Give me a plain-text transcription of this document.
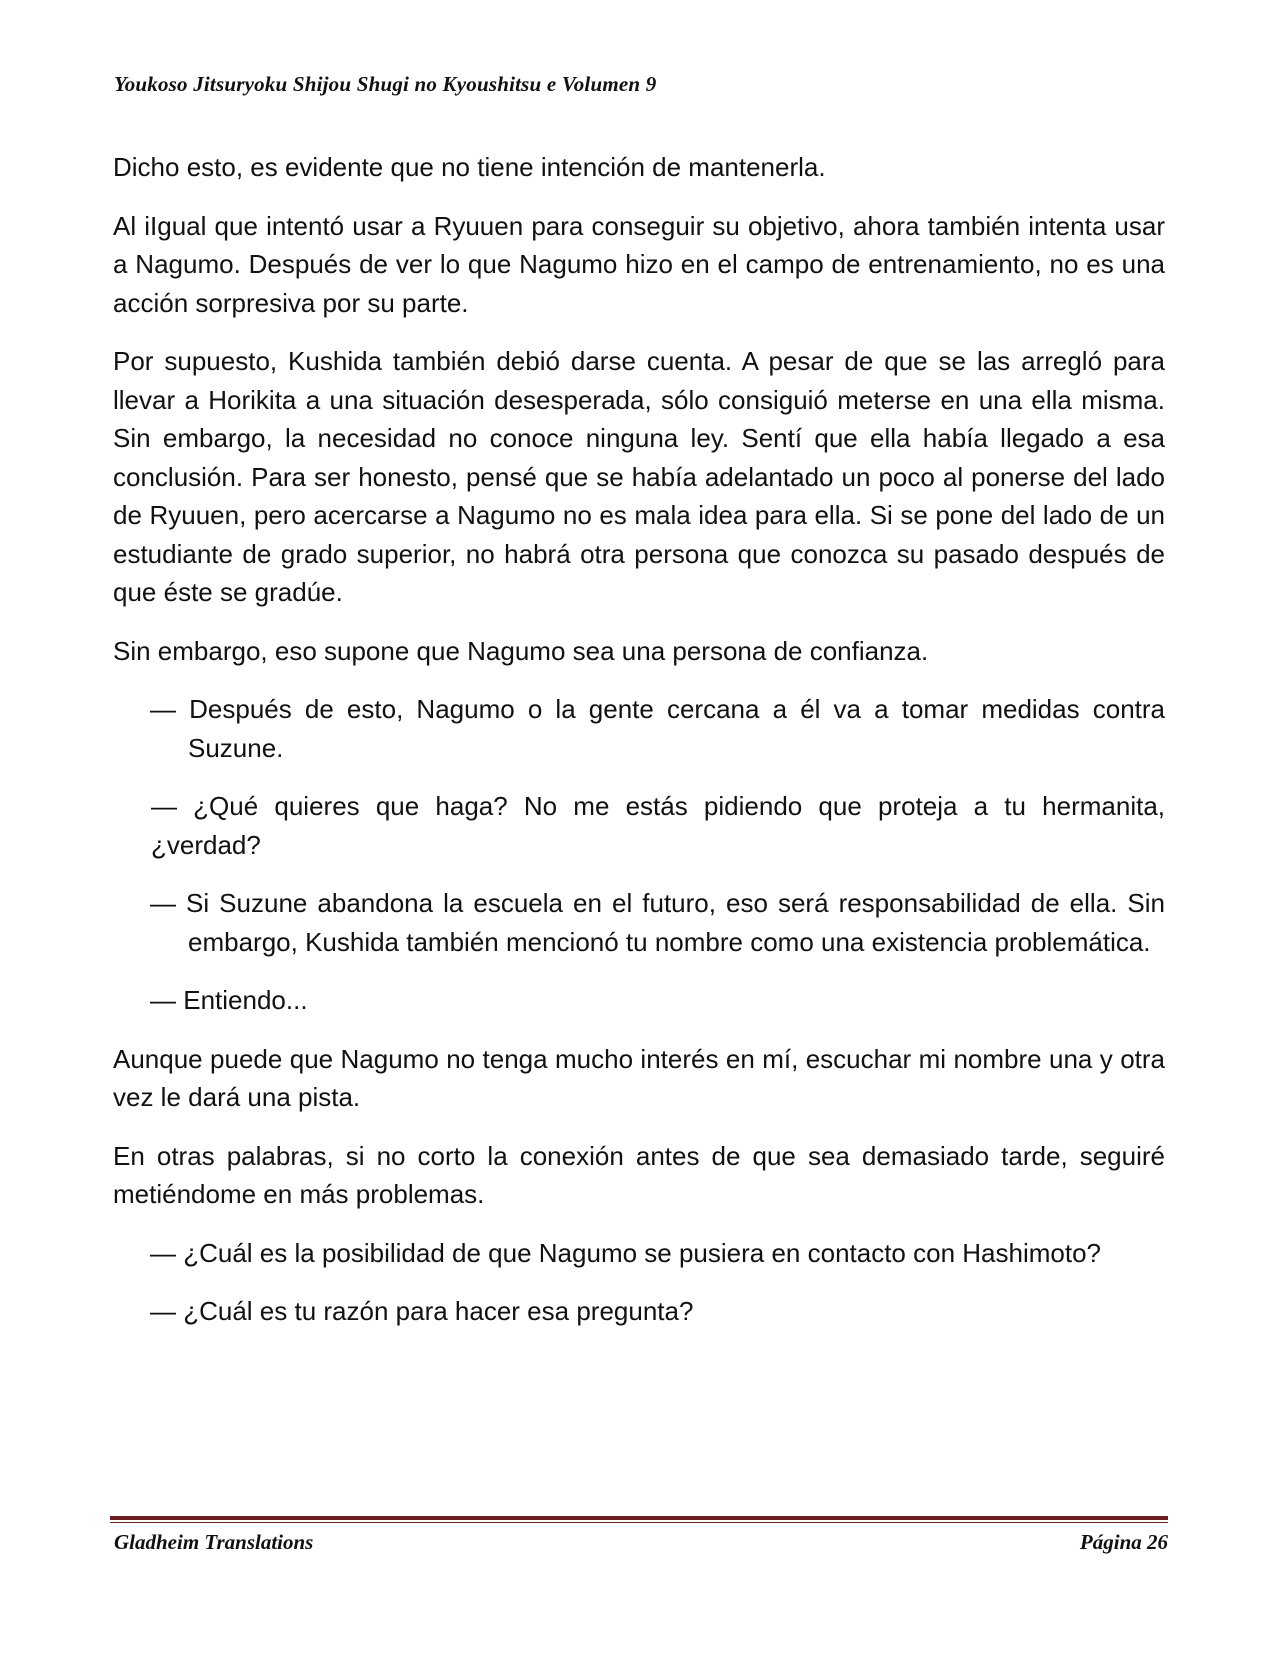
Youkoso Jitsuryoku Shijou Shugi no Kyoushitsu e Volumen 9

Dicho esto, es evidente que no tiene intención de mantenerla.

Al iIgual que intentó usar a Ryuuen para conseguir su objetivo, ahora también intenta usar a Nagumo. Después de ver lo que Nagumo hizo en el campo de entrenamiento, no es una acción sorpresiva por su parte.

Por supuesto, Kushida también debió darse cuenta. A pesar de que se las arregló para llevar a Horikita a una situación desesperada, sólo consiguió meterse en una ella misma. Sin embargo, la necesidad no conoce ninguna ley. Sentí que ella había llegado a esa conclusión. Para ser honesto, pensé que se había adelantado un poco al ponerse del lado de Ryuuen, pero acercarse a Nagumo no es mala idea para ella. Si se pone del lado de un estudiante de grado superior, no habrá otra persona que conozca su pasado después de que éste se gradúe.

Sin embargo, eso supone que Nagumo sea una persona de confianza.

— Después de esto, Nagumo o la gente cercana a él va a tomar medidas contra Suzune.

— ¿Qué quieres que haga? No me estás pidiendo que proteja a tu hermanita, ¿verdad?

— Si Suzune abandona la escuela en el futuro, eso será responsabilidad de ella. Sin embargo, Kushida también mencionó tu nombre como una existencia problemática.

— Entiendo...

Aunque puede que Nagumo no tenga mucho interés en mí, escuchar mi nombre una y otra vez le dará una pista.

En otras palabras, si no corto la conexión antes de que sea demasiado tarde, seguiré metiéndome en más problemas.

— ¿Cuál es la posibilidad de que Nagumo se pusiera en contacto con Hashimoto?

— ¿Cuál es tu razón para hacer esa pregunta?

Gladheim Translations	Página 26
